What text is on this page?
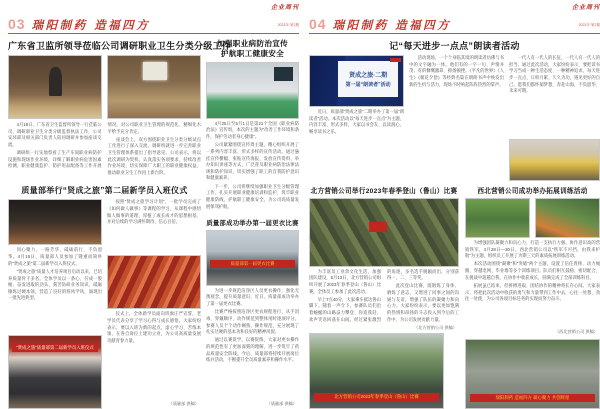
03 瑞阳制药 造福四方
企业周刊
2023年·第2期
广东省卫监所领导莅临公司调研职业卫生分类分级工作

4月18日，广东省卫生监督所领导一行莅临公司，调研职业卫生分类分级监督执法工作，公司安环部及相关部门负责人陪同调研并参加座谈交流。

调研组一行实地察看了生产车间职业病防护设施和现场作业环境，详细了解职业病危害因素检测、职业健康监护、防护用品配备等工作开展情况，对公司职业卫生管理的规范化、精细化水平给予充分肯定。

座谈会上，双方围绕职业卫生分类分级试点工作进行了深入交流，调研组就进一步完善职业卫生管理体系提出了指导意见。公司表示，将以此次调研为契机，认真落实各项要求，持续改善作业环境，切实保障广大职工的职业健康权益，推动职业卫生工作再上新台阶。

质量部举行“贤成之旅”第二届新学员入班仪式

同心聚力，一路芳华，砥砺前行，不负韶华。4月19日，质量部人员参加了隆重而简朴的“贤成之旅”第二届新学员入班仪式。

“贤成之旅”质量人才培养项目启动以来，已培养质量骨干多名。全体学员以一条心、拧成一股绳、奋发进取的劲头，刻苦钻研业务知识，砥砺锤炼过硬本领，营造了良好的班风学风，涌现出一批先进典型。

“贤成之旅”质量部第二届新学员入班仪式

按照“贤成之旅学习计划”，一批学员完成了《如何做人做事》等课程的学习，从课程中感悟做人做事的道理，厚植了成长成才的思想根基，并对后续的学习满怀期待、信心百倍。

仪式上，全体新学员面向班旗庄严宣誓，老学员代表分享了学习心得与成长感悟。大家纷纷表示，要以入班为新的起点，虚心学习、苦练本领，在各自岗位上建功立业，为公司高质量发展贡献青春力量。

（质量部 供稿）
加强职业病防治宣传
护航职工健康安全

4月25日至5月1日是第21个全国《职业病防治法》宣传周，本次的主题为“改善工作环境和条件，保护劳动者身心健康”。

公司紧紧围绕宣传周主题，精心组织开展了一系列内容丰富、形式多样的宣传活动。通过悬挂宣传横幅、张贴宣传海报、发放宣传资料、举办知识讲座等方式，广泛普及职业病防治法律法规和防护知识，切实增强了职工的自我防护意识和健康素养。

下一步，公司将继续加强职业卫生分级管理工作，扎实开展职业健康培训和监护，筑牢职业健康防线，护航职工健康安全，为公司高质量发展保驾护航。

质量部成功举办第一届更衣比赛
质量部第一届更衣比赛

为进一步规范洁净区人员更衣操作，强化无菌观念，提升质量意识，近日，质量部成功举办了第一届更衣比赛。

比赛严格按照洁净区更衣规程进行，从手消毒、穿戴顺序、动作规范到整体用时逐项评分。参赛人员个个动作娴熟、操作规范，充分展现了扎实过硬的基本功和良好的精神风貌。

通过以赛促学、以赛促练，大家对更衣操作的规范性有了更加深刻的理解，进一步筑牢了药品质量安全防线。今后，质量部将持续开展岗位练兵活动，不断提升全员质量素养和操作水平。

（质量部 供稿）
04 瑞阳制药 造福四方
企业周刊
2023年·第2期
记“每天进步一点点”朗读者活动
贤成之旅·二期
第一届“朗读者”活动

近日，质量部“贤成之旅”二期举办了第一届“朗读者”活动。本次活动以“每天进步一点点”为主题，内容丰富、形式多样，大家以书会友、以读润心，畅享读书之乐。

活动现场，一个个身临其境的朗读者仿佛与书中的文字融为一体。他们有的一字一句、声情并茂；有的慷慨激昂、抑扬顿挫。《平凡的世界》《人生》《朝花夕拾》等经典名篇在朗朗书声中焕发出新的生机与活力，现场不时响起阵阵热烈的掌声。

一代人有一代人的长征，一代人有一代人的担当。通过此次活动，大家纷纷表示，要把读书学习当成一种生活态度、一种精神追求，每天进步一点点，日积月累、久久为功，遇见更好的自己。愿我们都怀揣梦想，奔赴山海，不负韶华，未来可期。

北方营销公司举行2023年春季登山（鲁山）比赛

为丰富员工业余文化生活，加强团队建设，5月13日，北方营销公司组织开展了2023年春季登山（鲁山）比赛，全体员工参加了此次活动。

早上7点40分，大家乘车抵达鲁山脚下。随着一声令下，参赛队员们沿着蜿蜒的山路奋力攀登、你追我赶，欢声笑语回荡在山间。经过紧张激烈的角逐，多名选手脱颖而出，分别获得一、二、三等奖。

此次登山比赛，既锻炼了身体、磨炼了意志，又增进了同事之间的沟通与友谊，增强了队伍的凝聚力和向心力。大家纷纷表示，要以更加饱满的热情和昂扬的斗志投入到今后的工作中，为公司发展贡献力量。

（北方营销公司 供稿）
北方营销公司2023年春季登山（鲁山）比赛
西北营销公司成功举办拓展训练活动

为增强团队凝聚力和向心力，打造一支执行力强、协作意识高的营销铁军，4月28日—30日，西北营销公司以“铁军不可挡，由我来护航”为主题，组织员工开展了为期三天的素质拓展训练活动。

本次活动围绕“凝聚”和“突破”两个主题，设置了信任背摔、动力绳圈、穿越电网、毕业墙等多个训练项目。队员们相互鼓励、密切配合，在挑战中超越自我，在协作中收获成长，圆满完成了全部训练科目。

拓展虽已结束，但拼搏进取、团结协作的精神将长存心间。大家表示，将把此次活动中收获的勇气和力量带到工作中去，心往一处想、劲往一处使，为公司各项目标任务的实现而努力奋斗。

（西北营销公司 供稿）
瑞阳制药 造福四方 凝心聚力 共创辉煌
